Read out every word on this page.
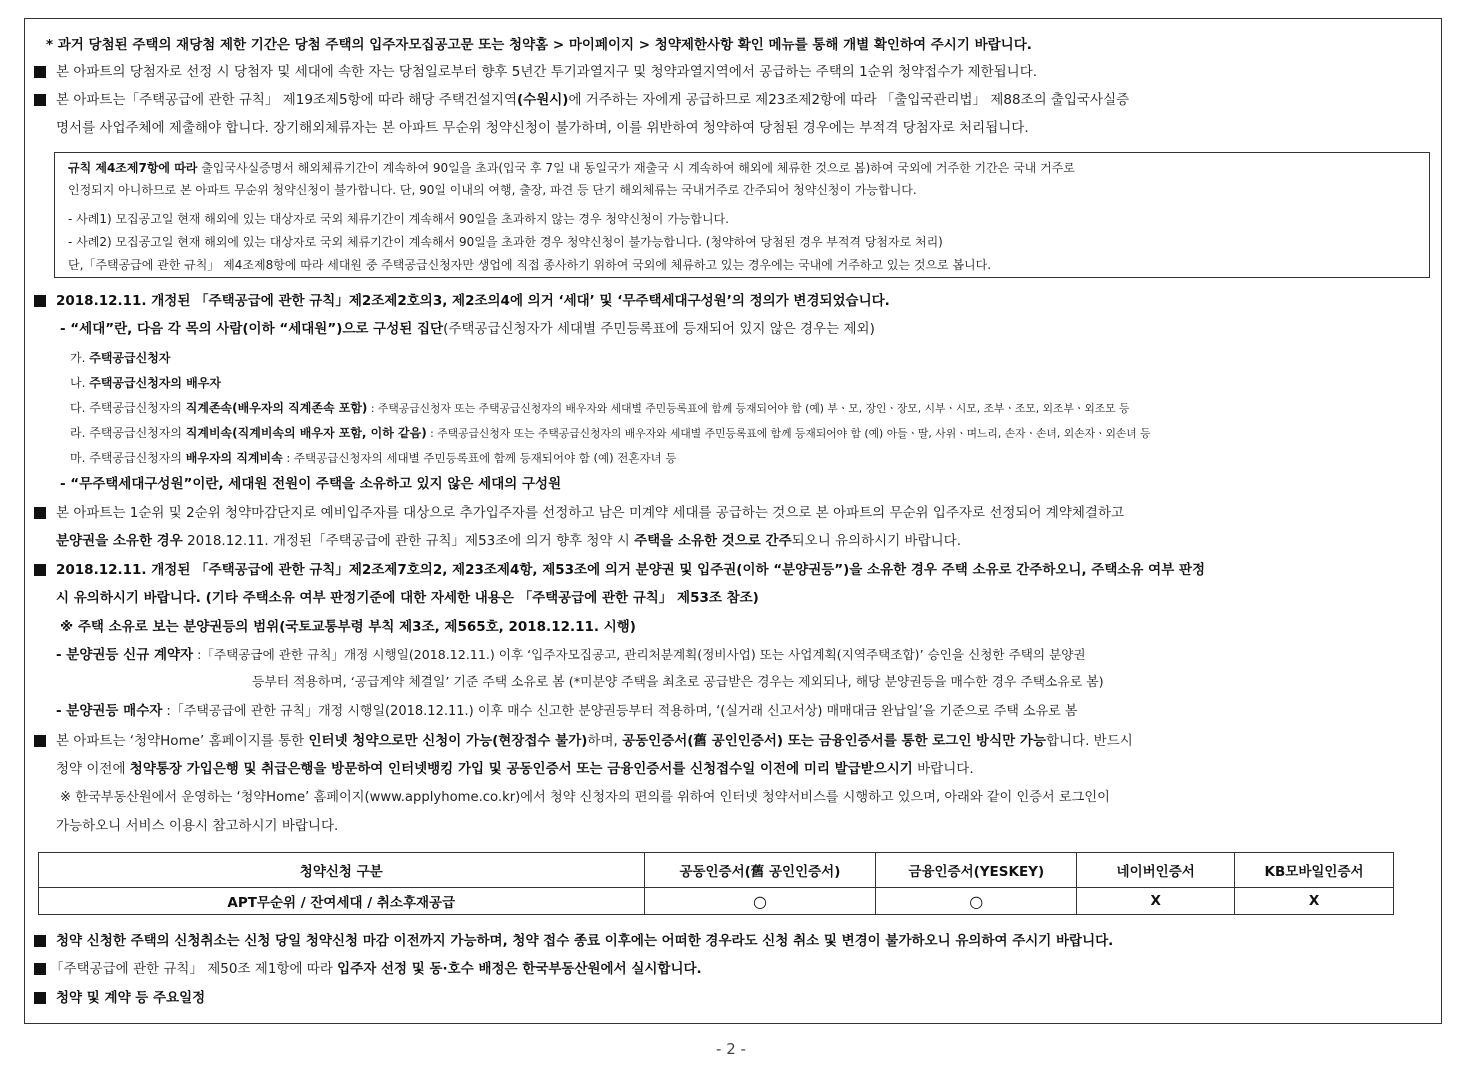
* 과거 당첨된 주택의 재당첨 제한 기간은 당첨 주택의 입주자모집공고문 또는 청약홈 > 마이페이지 > 청약제한사항 확인 메뉴를 통해 개별 확인하여 주시기 바랍니다.
본 아파트의 당첨자로 선정 시 당첨자 및 세대에 속한 자는 당첨일로부터 향후 5년간 투기과열지구 및 청약과열지역에서 공급하는 주택의 1순위 청약접수가 제한됩니다.
본 아파트는「주택공급에 관한 규칙」 제19조제5항에 따라 해당 주택건설지역(수원시)에 거주하는 자에게 공급하므로 제23조제2항에 따라 「출입국관리법」 제88조의 출입국사실증
명서를 사업주체에 제출해야 합니다. 장기해외체류자는 본 아파트 무순위 청약신청이 불가하며, 이를 위반하여 청약하여 당첨된 경우에는 부적격 당첨자로 처리됩니다.
규칙 제4조제7항에 따라 출입국사실증명서 해외체류기간이 계속하여 90일을 초과(입국 후 7일 내 동일국가 재출국 시 계속하여 해외에 체류한 것으로 봄)하여 국외에 거주한 기간은 국내 거주로
인정되지 아니하므로 본 아파트 무순위 청약신청이 불가합니다. 단, 90일 이내의 여행, 출장, 파견 등 단기 해외체류는 국내거주로 간주되어 청약신청이 가능합니다.
- 사례1) 모집공고일 현재 해외에 있는 대상자로 국외 체류기간이 계속해서 90일을 초과하지 않는 경우 청약신청이 가능합니다.
- 사례2) 모집공고일 현재 해외에 있는 대상자로 국외 체류기간이 계속해서 90일을 초과한 경우 청약신청이 불가능합니다. (청약하여 당첨된 경우 부적격 당첨자로 처리)
단,「주택공급에 관한 규칙」 제4조제8항에 따라 세대원 중 주택공급신청자만 생업에 직접 종사하기 위하여 국외에 체류하고 있는 경우에는 국내에 거주하고 있는 것으로 봅니다.
2018.12.11. 개정된 「주택공급에 관한 규칙」제2조제2호의3, 제2조의4에 의거 ‘세대’ 및 ‘무주택세대구성원’의 정의가 변경되었습니다.
- “세대”란, 다음 각 목의 사람(이하 “세대원”)으로 구성된 집단(주택공급신청자가 세대별 주민등록표에 등재되어 있지 않은 경우는 제외)
가. 주택공급신청자
나. 주택공급신청자의 배우자
다. 주택공급신청자의 직계존속(배우자의 직계존속 포함) : 주택공급신청자 또는 주택공급신청자의 배우자와 세대별 주민등록표에 함께 등재되어야 함 (예) 부ㆍ모, 장인ㆍ장모, 시부ㆍ시모, 조부ㆍ조모, 외조부ㆍ외조모 등
라. 주택공급신청자의 직계비속(직계비속의 배우자 포함, 이하 같음) : 주택공급신청자 또는 주택공급신청자의 배우자와 세대별 주민등록표에 함께 등재되어야 함 (예) 아들ㆍ딸, 사위ㆍ며느리, 손자ㆍ손녀, 외손자ㆍ외손녀 등
마. 주택공급신청자의 배우자의 직계비속 : 주택공급신청자의 세대별 주민등록표에 함께 등재되어야 함 (예) 전혼자녀 등
- “무주택세대구성원”이란, 세대원 전원이 주택을 소유하고 있지 않은 세대의 구성원
본 아파트는 1순위 및 2순위 청약마감단지로 예비입주자를 대상으로 추가입주자를 선정하고 남은 미계약 세대를 공급하는 것으로 본 아파트의 무순위 입주자로 선정되어 계약체결하고
분양권을 소유한 경우 2018.12.11. 개정된「주택공급에 관한 규칙」제53조에 의거 향후 청약 시 주택을 소유한 것으로 간주되오니 유의하시기 바랍니다.
2018.12.11. 개정된 「주택공급에 관한 규칙」제2조제7호의2, 제23조제4항, 제53조에 의거 분양권 및 입주권(이하 “분양권등”)을 소유한 경우 주택 소유로 간주하오니, 주택소유 여부 판정
시 유의하시기 바랍니다. (기타 주택소유 여부 판정기준에 대한 자세한 내용은 「주택공급에 관한 규칙」 제53조 참조)
※ 주택 소유로 보는 분양권등의 범위(국토교통부령 부칙 제3조, 제565호, 2018.12.11. 시행)
- 분양권등 신규 계약자 :「주택공급에 관한 규칙」개정 시행일(2018.12.11.) 이후 ‘입주자모집공고, 관리처분계획(정비사업) 또는 사업계획(지역주택조합)’ 승인을 신청한 주택의 분양권
등부터 적용하며, ‘공급계약 체결일’ 기준 주택 소유로 봄 (*미분양 주택을 최초로 공급받은 경우는 제외되나, 해당 분양권등을 매수한 경우 주택소유로 봄)
- 분양권등 매수자 :「주택공급에 관한 규칙」개정 시행일(2018.12.11.) 이후 매수 신고한 분양권등부터 적용하며, ‘(실거래 신고서상) 매매대금 완납일’을 기준으로 주택 소유로 봄
본 아파트는 ‘청약Home’ 홈페이지를 통한 인터넷 청약으로만 신청이 가능(현장접수 불가)하며, 공동인증서(舊 공인인증서) 또는 금융인증서를 통한 로그인 방식만 가능합니다. 반드시
청약 이전에 청약통장 가입은행 및 취급은행을 방문하여 인터넷뱅킹 가입 및 공동인증서 또는 금융인증서를 신청접수일 이전에 미리 발급받으시기 바랍니다.
※ 한국부동산원에서 운영하는 ‘청약Home’ 홈페이지(www.applyhome.co.kr)에서 청약 신청자의 편의를 위하여 인터넷 청약서비스를 시행하고 있으며, 아래와 같이 인증서 로그인이
가능하오니 서비스 이용시 참고하시기 바랍니다.
청약신청 구분	공동인증서(舊 공인인증서)	금융인증서(YESKEY)	네이버인증서	KB모바일인증서
APT무순위 / 잔여세대 / 취소후재공급	○	○	X	X
청약 신청한 주택의 신청취소는 신청 당일 청약신청 마감 이전까지 가능하며, 청약 접수 종료 이후에는 어떠한 경우라도 신청 취소 및 변경이 불가하오니 유의하여 주시기 바랍니다.
「주택공급에 관한 규칙」 제50조 제1항에 따라 입주자 선정 및 동·호수 배정은 한국부동산원에서 실시합니다.
청약 및 계약 등 주요일정
- 2 -
